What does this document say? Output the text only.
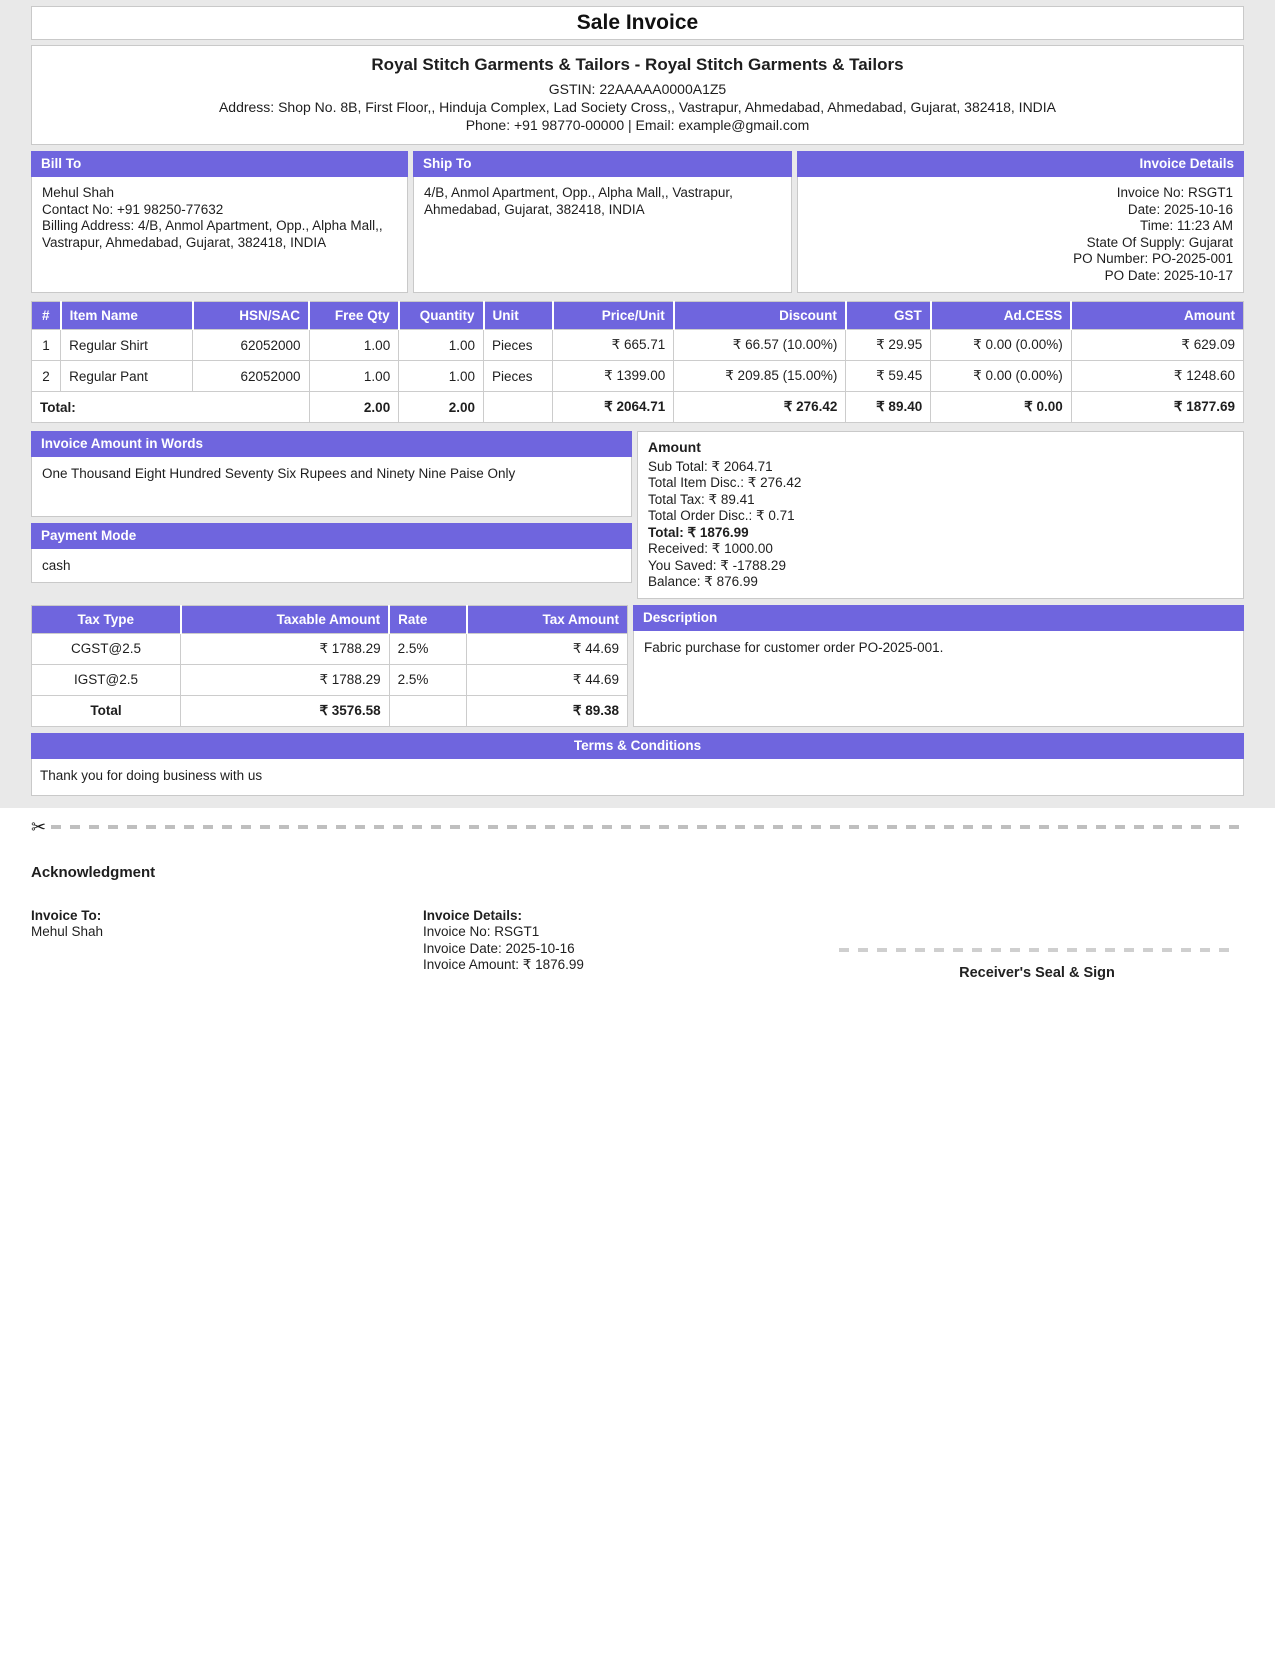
Sale Invoice
Royal Stitch Garments & Tailors - Royal Stitch Garments & Tailors
GSTIN: 22AAAAA0000A1Z5
Address: Shop No. 8B, First Floor,, Hinduja Complex, Lad Society Cross,, Vastrapur, Ahmedabad, Ahmedabad, Gujarat, 382418, INDIA
Phone: +91 98770-00000 | Email: example@gmail.com
Bill To
Mehul Shah
Contact No: +91 98250-77632
Billing Address: 4/B, Anmol Apartment, Opp., Alpha Mall,, Vastrapur, Ahmedabad, Gujarat, 382418, INDIA
Ship To
4/B, Anmol Apartment, Opp., Alpha Mall,, Vastrapur, Ahmedabad, Gujarat, 382418, INDIA
Invoice Details
Invoice No: RSGT1
Date: 2025-10-16
Time: 11:23 AM
State Of Supply: Gujarat
PO Number: PO-2025-001
PO Date: 2025-10-17
#	Item Name	HSN/SAC	Free Qty	Quantity	Unit	Price/Unit	Discount	GST	Ad.CESS	Amount
1	Regular Shirt	62052000	1.00	1.00	Pieces	₹ 665.71	₹ 66.57 (10.00%)	₹ 29.95	₹ 0.00 (0.00%)	₹ 629.09
2	Regular Pant	62052000	1.00	1.00	Pieces	₹ 1399.00	₹ 209.85 (15.00%)	₹ 59.45	₹ 0.00 (0.00%)	₹ 1248.60
Total:			2.00	2.00		₹ 2064.71	₹ 276.42	₹ 89.40	₹ 0.00	₹ 1877.69
Invoice Amount in Words
One Thousand Eight Hundred Seventy Six Rupees and Ninety Nine Paise Only
Payment Mode
cash
Amount
Sub Total: ₹ 2064.71
Total Item Disc.: ₹ 276.42
Total Tax: ₹ 89.41
Total Order Disc.: ₹ 0.71
Total: ₹ 1876.99
Received: ₹ 1000.00
You Saved: ₹ -1788.29
Balance: ₹ 876.99
Tax Type	Taxable Amount	Rate	Tax Amount
CGST@2.5	₹ 1788.29	2.5%	₹ 44.69
IGST@2.5	₹ 1788.29	2.5%	₹ 44.69
Total	₹ 3576.58		₹ 89.38
Description
Fabric purchase for customer order PO-2025-001.
Terms & Conditions
Thank you for doing business with us
✂
Acknowledgment
Invoice To:
Mehul Shah
Invoice Details:
Invoice No: RSGT1
Invoice Date: 2025-10-16
Invoice Amount: ₹ 1876.99	Receiver's Seal & Sign
